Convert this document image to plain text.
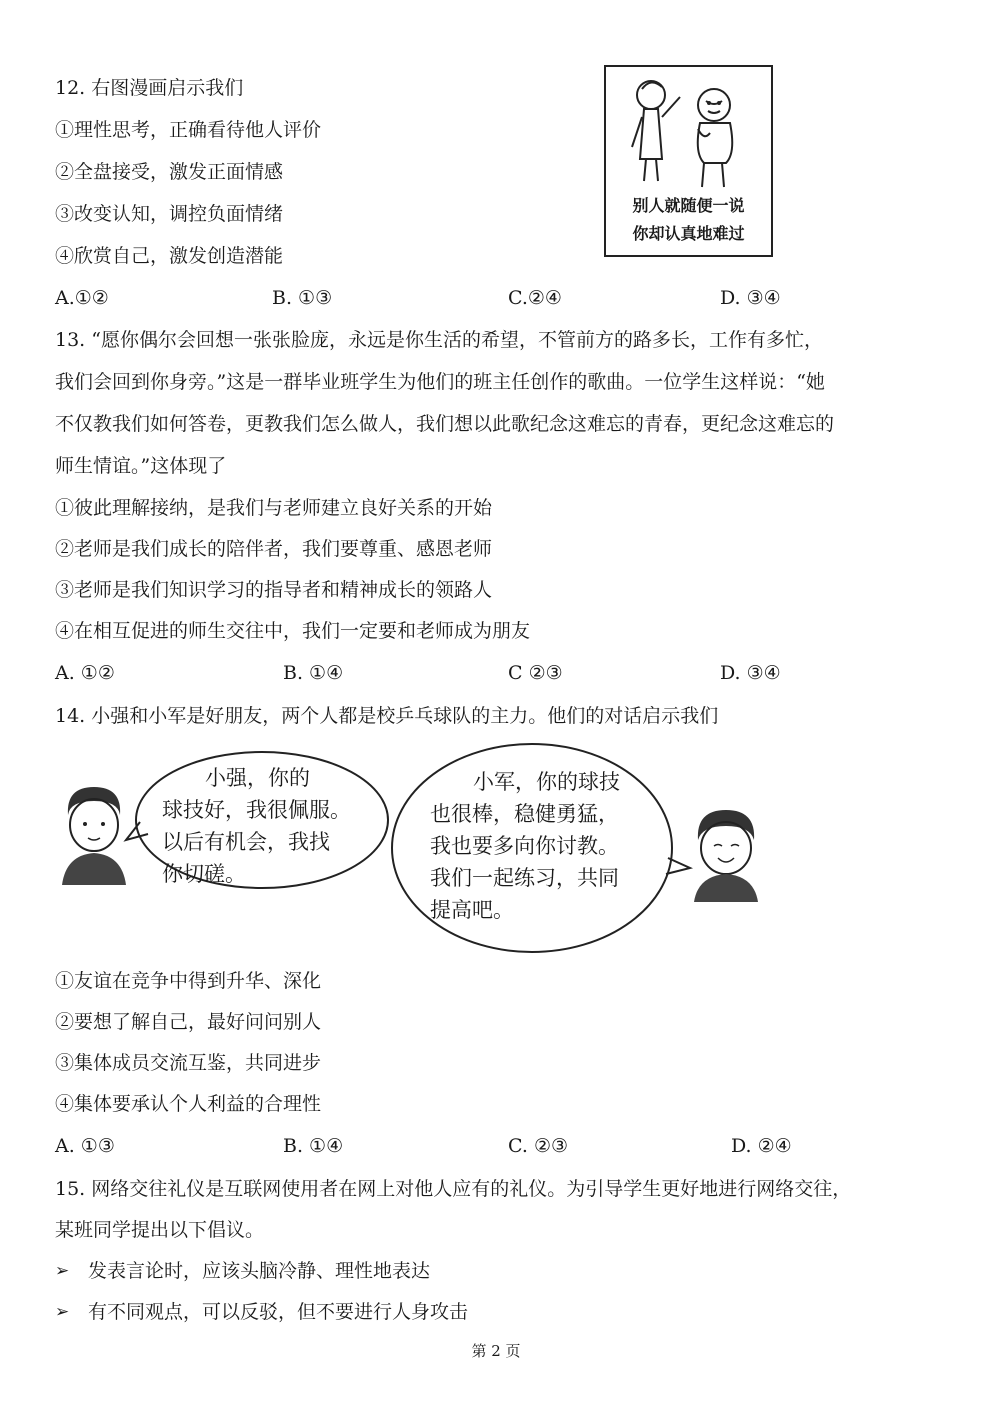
12. 右图漫画启示我们
①理性思考，正确看待他人评价
②全盘接受，激发正面情感
③改变认知，调控负面情绪
④欣赏自己，激发创造潜能
别人就随便一说
你却认真地难过
A.①②	B. ①③	C.②④	D. ③④
13. “愿你偶尔会回想一张张脸庞，永远是你生活的希望，不管前方的路多长，工作有多忙，
我们会回到你身旁。”这是一群毕业班学生为他们的班主任创作的歌曲。一位学生这样说：“她
不仅教我们如何答卷，更教我们怎么做人，我们想以此歌纪念这难忘的青春，更纪念这难忘的
师生情谊。”这体现了
①彼此理解接纳，是我们与老师建立良好关系的开始
②老师是我们成长的陪伴者，我们要尊重、感恩老师
③老师是我们知识学习的指导者和精神成长的领路人
④在相互促进的师生交往中，我们一定要和老师成为朋友
A. ①②	B. ①④	C ②③	D. ③④
14. 小强和小军是好朋友，两个人都是校乒乓球队的主力。他们的对话启示我们
小强，你的
球技好，我很佩服。
以后有机会，我找
你切磋。
小军，你的球技
也很棒，稳健勇猛，
我也要多向你讨教。
我们一起练习，共同
提高吧。
①友谊在竞争中得到升华、深化
②要想了解自己，最好问问别人
③集体成员交流互鉴，共同进步
④集体要承认个人利益的合理性
A. ①③	B. ①④	C. ②③	D. ②④
15. 网络交往礼仪是互联网使用者在网上对他人应有的礼仪。为引导学生更好地进行网络交往，
某班同学提出以下倡议。
➢ 发表言论时，应该头脑冷静、理性地表达
➢ 有不同观点，可以反驳，但不要进行人身攻击
第 2 页
